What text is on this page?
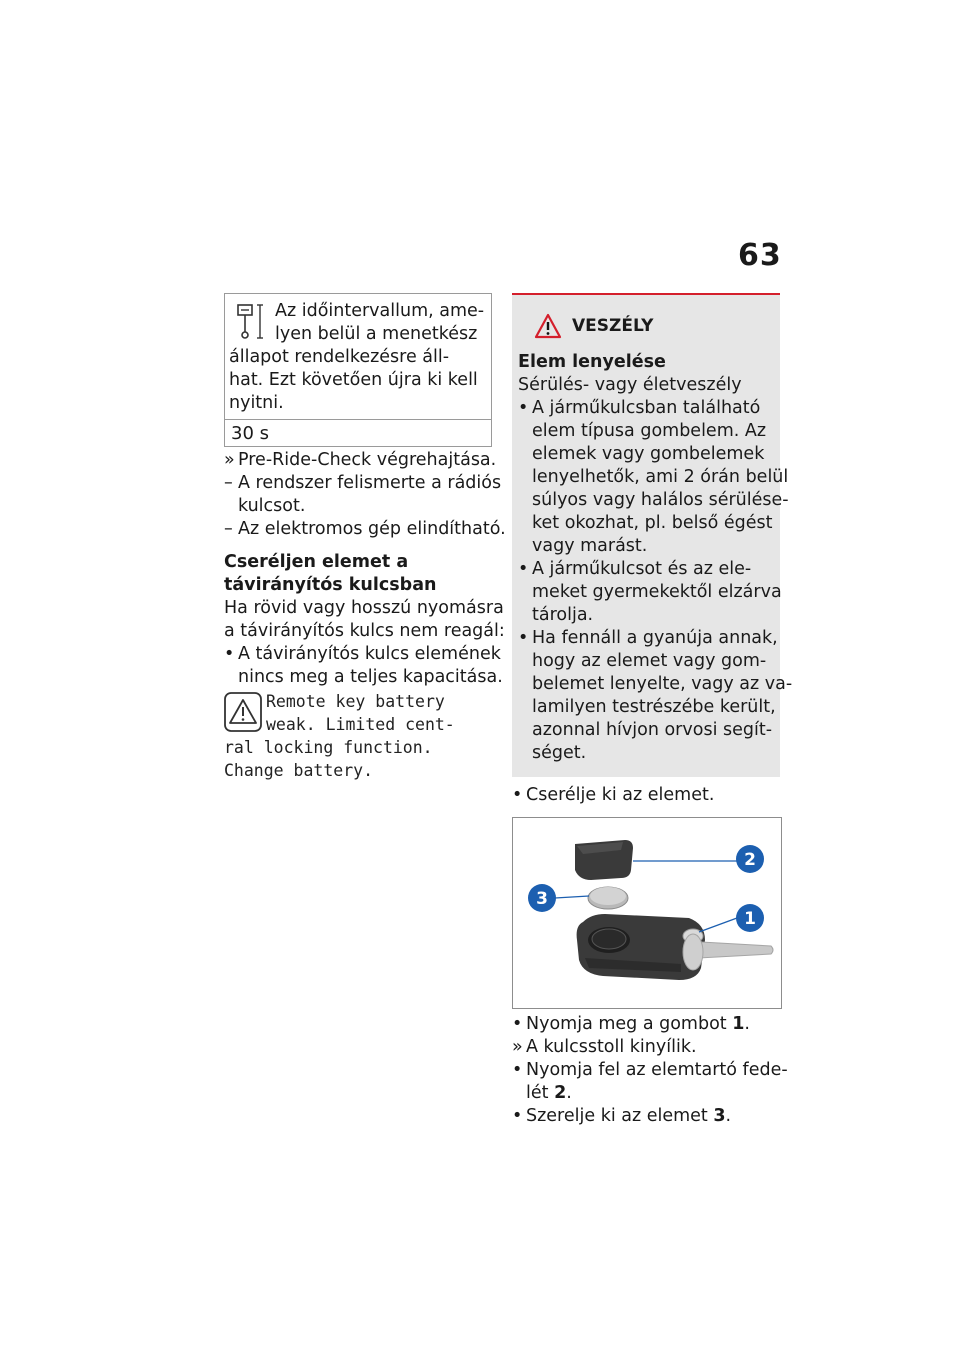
63
Az időintervallum, ame-
lyen belül a menetkész
állapot rendelkezésre áll-
hat. Ezt követően újra ki kell
nyitni.
30 s
» Pre-Ride-Check végrehajtása.
– A rendszer felismerte a rádiós
kulcsot.
– Az elektromos gép elindítható.
Cseréljen elemet a
távirányítós kulcsban
Ha rövid vagy hosszú nyomásra
a távirányítós kulcs nem reagál:
• A távirányítós kulcs elemének
nincs meg a teljes kapacitása.
Remote key battery
weak. Limited cent-
ral locking function.
Change battery.
VESZÉLY
Elem lenyelése
Sérülés- vagy életveszély
• A járműkulcsban található
elem típusa gombelem. Az
elemek vagy gombelemek
lenyelhetők, ami 2 órán belül
súlyos vagy halálos sérülése-
ket okozhat, pl. belső égést
vagy marást.
• A járműkulcsot és az ele-
meket gyermekektől elzárva
tárolja.
• Ha fennáll a gyanúja annak,
hogy az elemet vagy gom-
belemet lenyelte, vagy az va-
lamilyen testrészébe került,
azonnal hívjon orvosi segít-
séget.
• Cserélje ki az elemet.
2
3
1
• Nyomja meg a gombot 1.
» A kulcsstoll kinyílik.
• Nyomja fel az elemtartó fede-
lét 2.
• Szerelje ki az elemet 3.
